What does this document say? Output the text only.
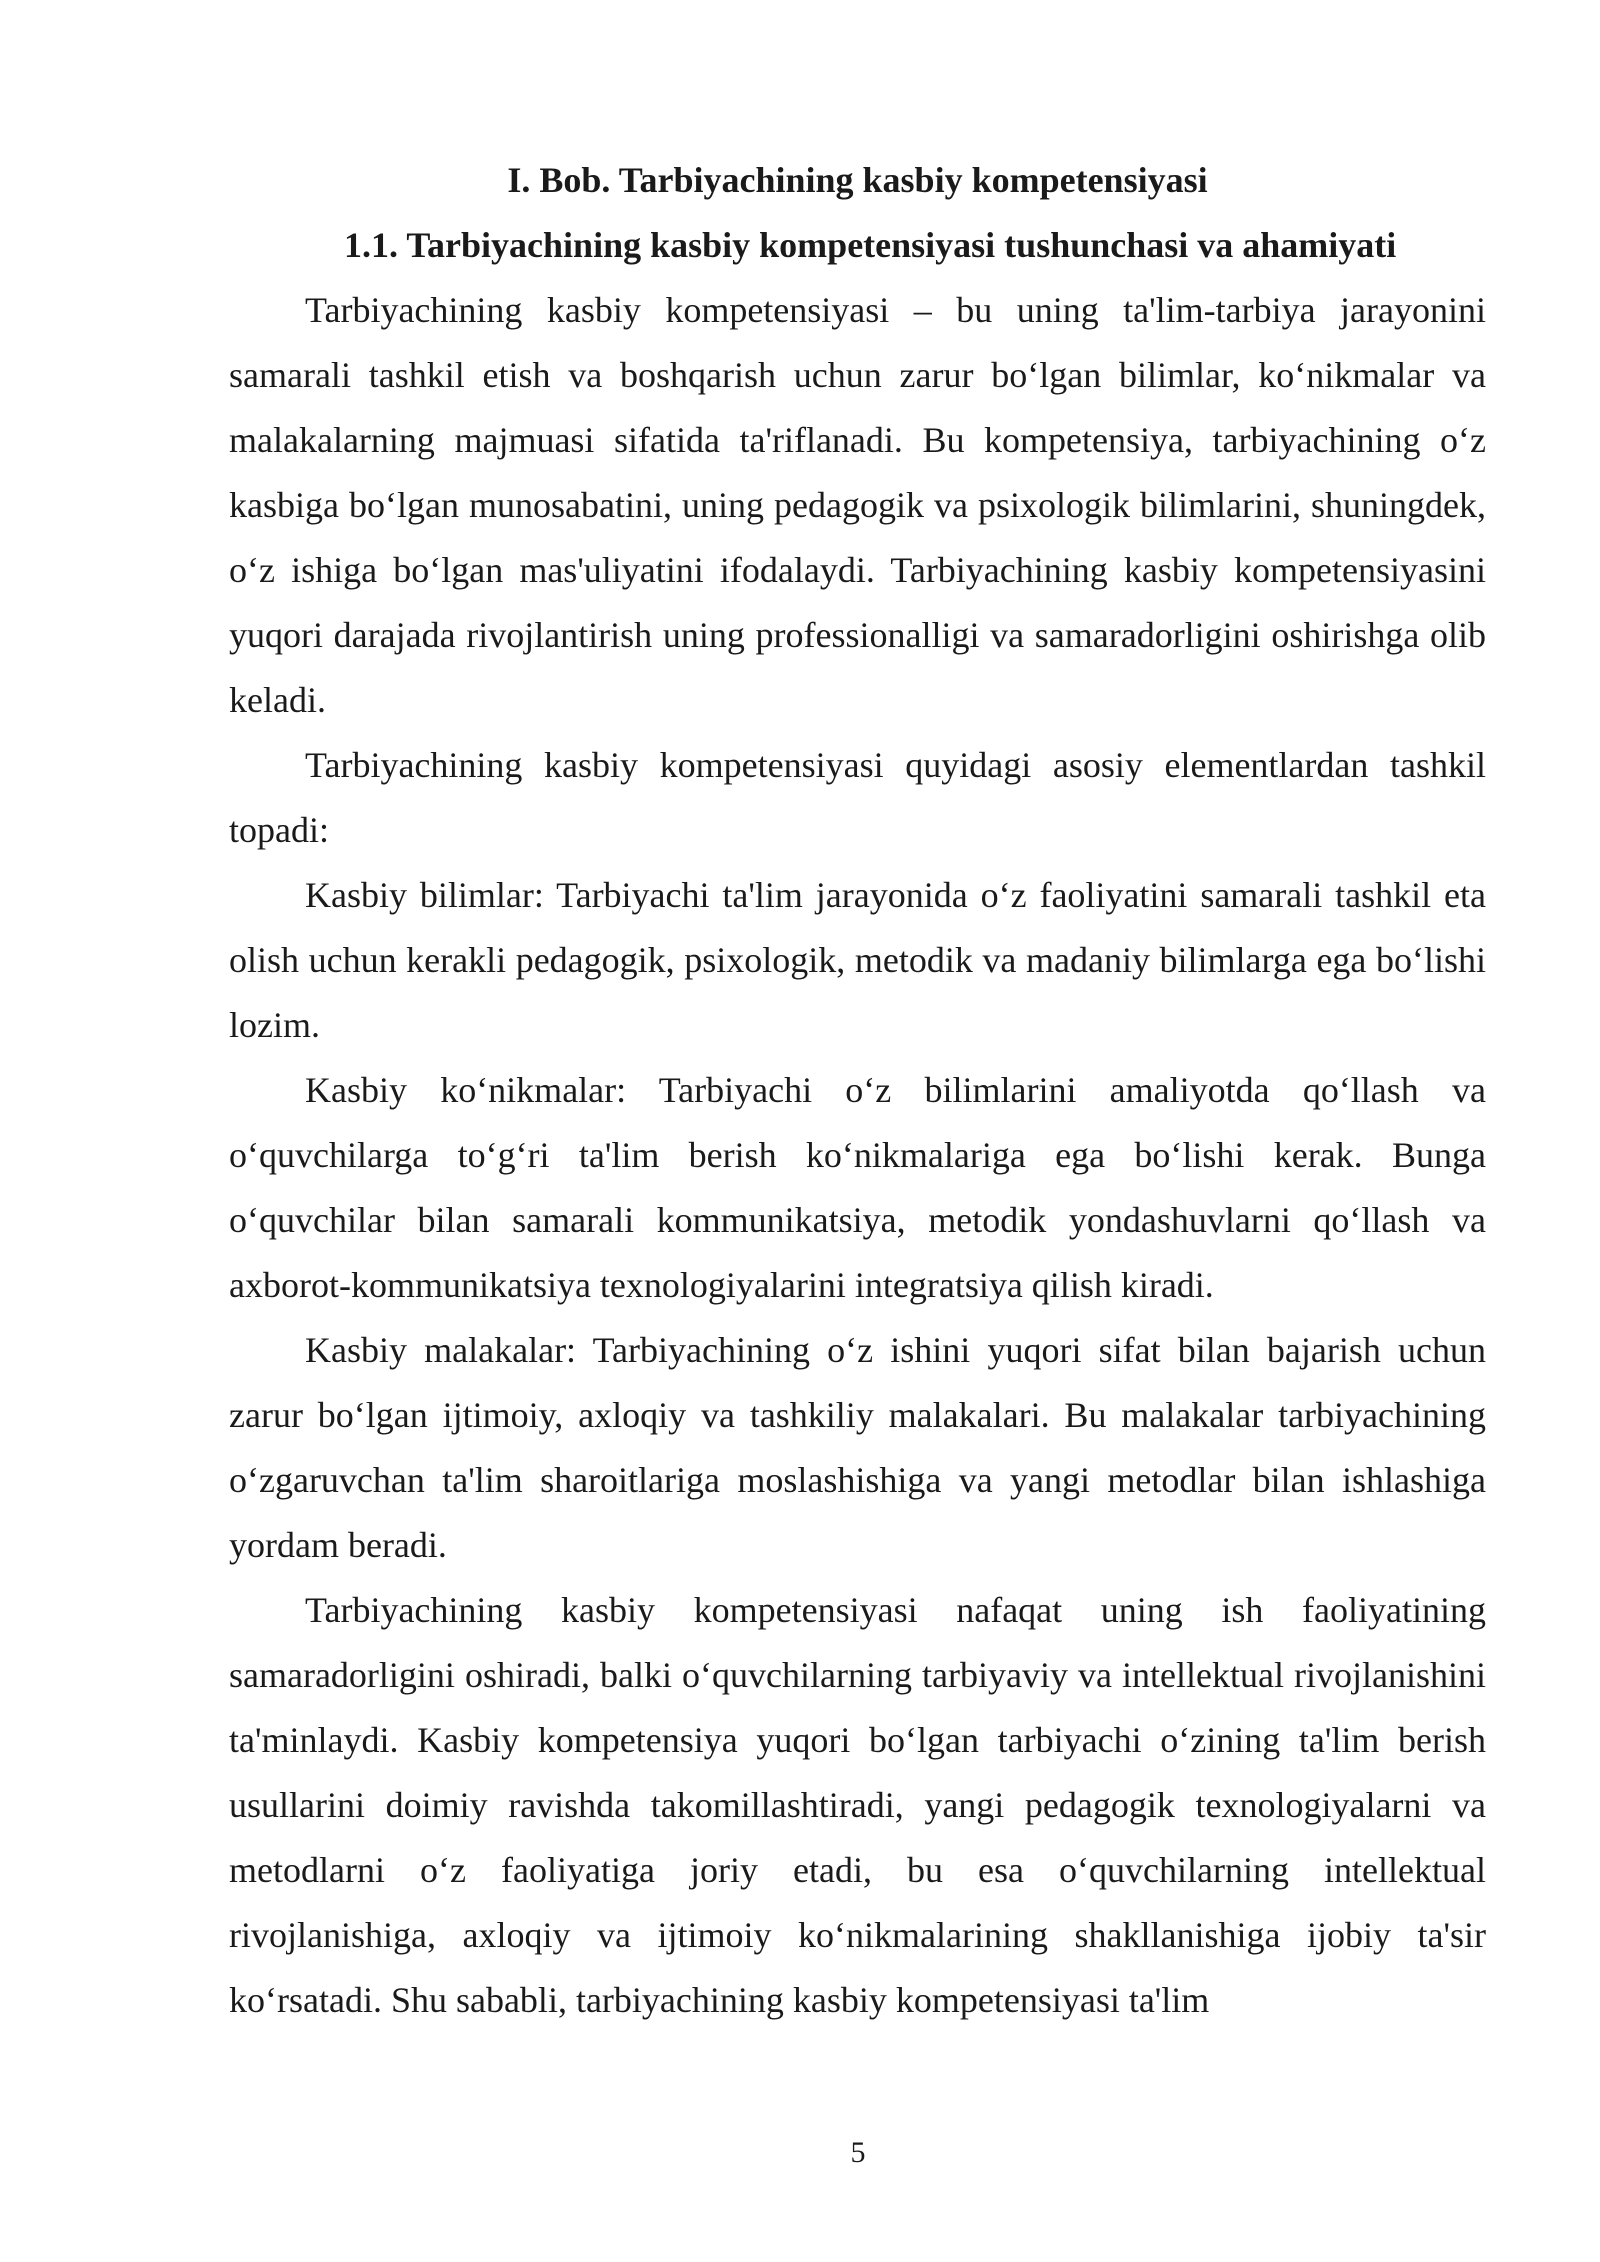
I. Bob. Tarbiyachining kasbiy kompetensiyasi
1.1. Tarbiyachining kasbiy kompetensiyasi tushunchasi va ahamiyati

Tarbiyachining kasbiy kompetensiyasi – bu uning ta'lim-tarbiya jarayonini samarali tashkil etish va boshqarish uchun zarur bo‘lgan bilimlar, ko‘nikmalar va malakalarning majmuasi sifatida ta'riflanadi. Bu kompetensiya, tarbiyachining o‘z kasbiga bo‘lgan munosabatini, uning pedagogik va psixologik bilimlarini, shuningdek, o‘z ishiga bo‘lgan mas'uliyatini ifodalaydi. Tarbiyachining kasbiy kompetensiyasini yuqori darajada rivojlantirish uning professionalligi va samaradorligini oshirishga olib keladi.

Tarbiyachining kasbiy kompetensiyasi quyidagi asosiy elementlardan tashkil topadi:

Kasbiy bilimlar: Tarbiyachi ta'lim jarayonida o‘z faoliyatini samarali tashkil eta olish uchun kerakli pedagogik, psixologik, metodik va madaniy bilimlarga ega bo‘lishi lozim.

Kasbiy ko‘nikmalar: Tarbiyachi o‘z bilimlarini amaliyotda qo‘llash va o‘quvchilarga to‘g‘ri ta'lim berish ko‘nikmalariga ega bo‘lishi kerak. Bunga o‘quvchilar bilan samarali kommunikatsiya, metodik yondashuvlarni qo‘llash va axborot-kommunikatsiya texnologiyalarini integratsiya qilish kiradi.

Kasbiy malakalar: Tarbiyachining o‘z ishini yuqori sifat bilan bajarish uchun zarur bo‘lgan ijtimoiy, axloqiy va tashkiliy malakalari. Bu malakalar tarbiyachining o‘zgaruvchan ta'lim sharoitlariga moslashishiga va yangi metodlar bilan ishlashiga yordam beradi.

Tarbiyachining kasbiy kompetensiyasi nafaqat uning ish faoliyatining samaradorligini oshiradi, balki o‘quvchilarning tarbiyaviy va intellektual rivojlanishini ta'minlaydi. Kasbiy kompetensiya yuqori bo‘lgan tarbiyachi o‘zining ta'lim berish usullarini doimiy ravishda takomillashtiradi, yangi pedagogik texnologiyalarni va metodlarni o‘z faoliyatiga joriy etadi, bu esa o‘quvchilarning intellektual rivojlanishiga, axloqiy va ijtimoiy ko‘nikmalarining shakllanishiga ijobiy ta'sir ko‘rsatadi. Shu sababli, tarbiyachining kasbiy kompetensiyasi ta'lim

5
